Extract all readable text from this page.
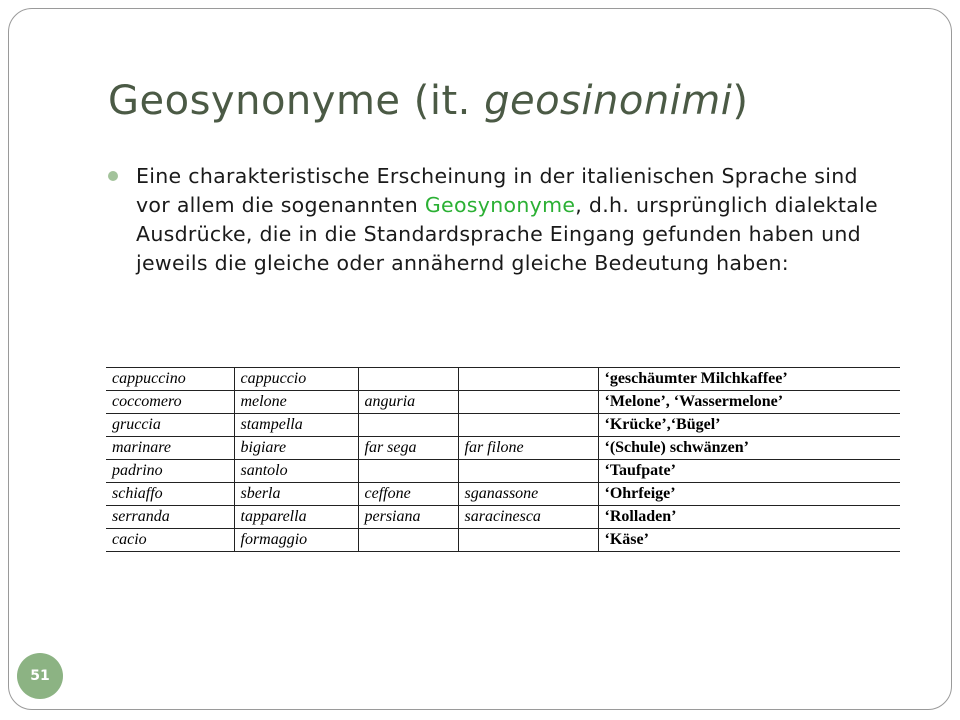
Geosynonyme (it. geosinonimi)

Eine charakteristische Erscheinung in der italienischen Sprache sind vor allem die sogenannten Geosynonyme, d.h. ursprünglich dialektale Ausdrücke, die in die Standardsprache Eingang gefunden haben und jeweils die gleiche oder annähernd gleiche Bedeutung haben:

cappuccino	cappuccio			‘geschäumter Milchkaffee’
coccomero	melone	anguria		‘Melone’, ‘Wassermelone’
gruccia	stampella			‘Krücke’,‘Bügel’
marinare	bigiare	far sega	far filone	‘(Schule) schwänzen’
padrino	santolo			‘Taufpate’
schiaffo	sberla	ceffone	sganassone	‘Ohrfeige’
serranda	tapparella	persiana	saracinesca	‘Rolladen’
cacio	formaggio			‘Käse’
51
